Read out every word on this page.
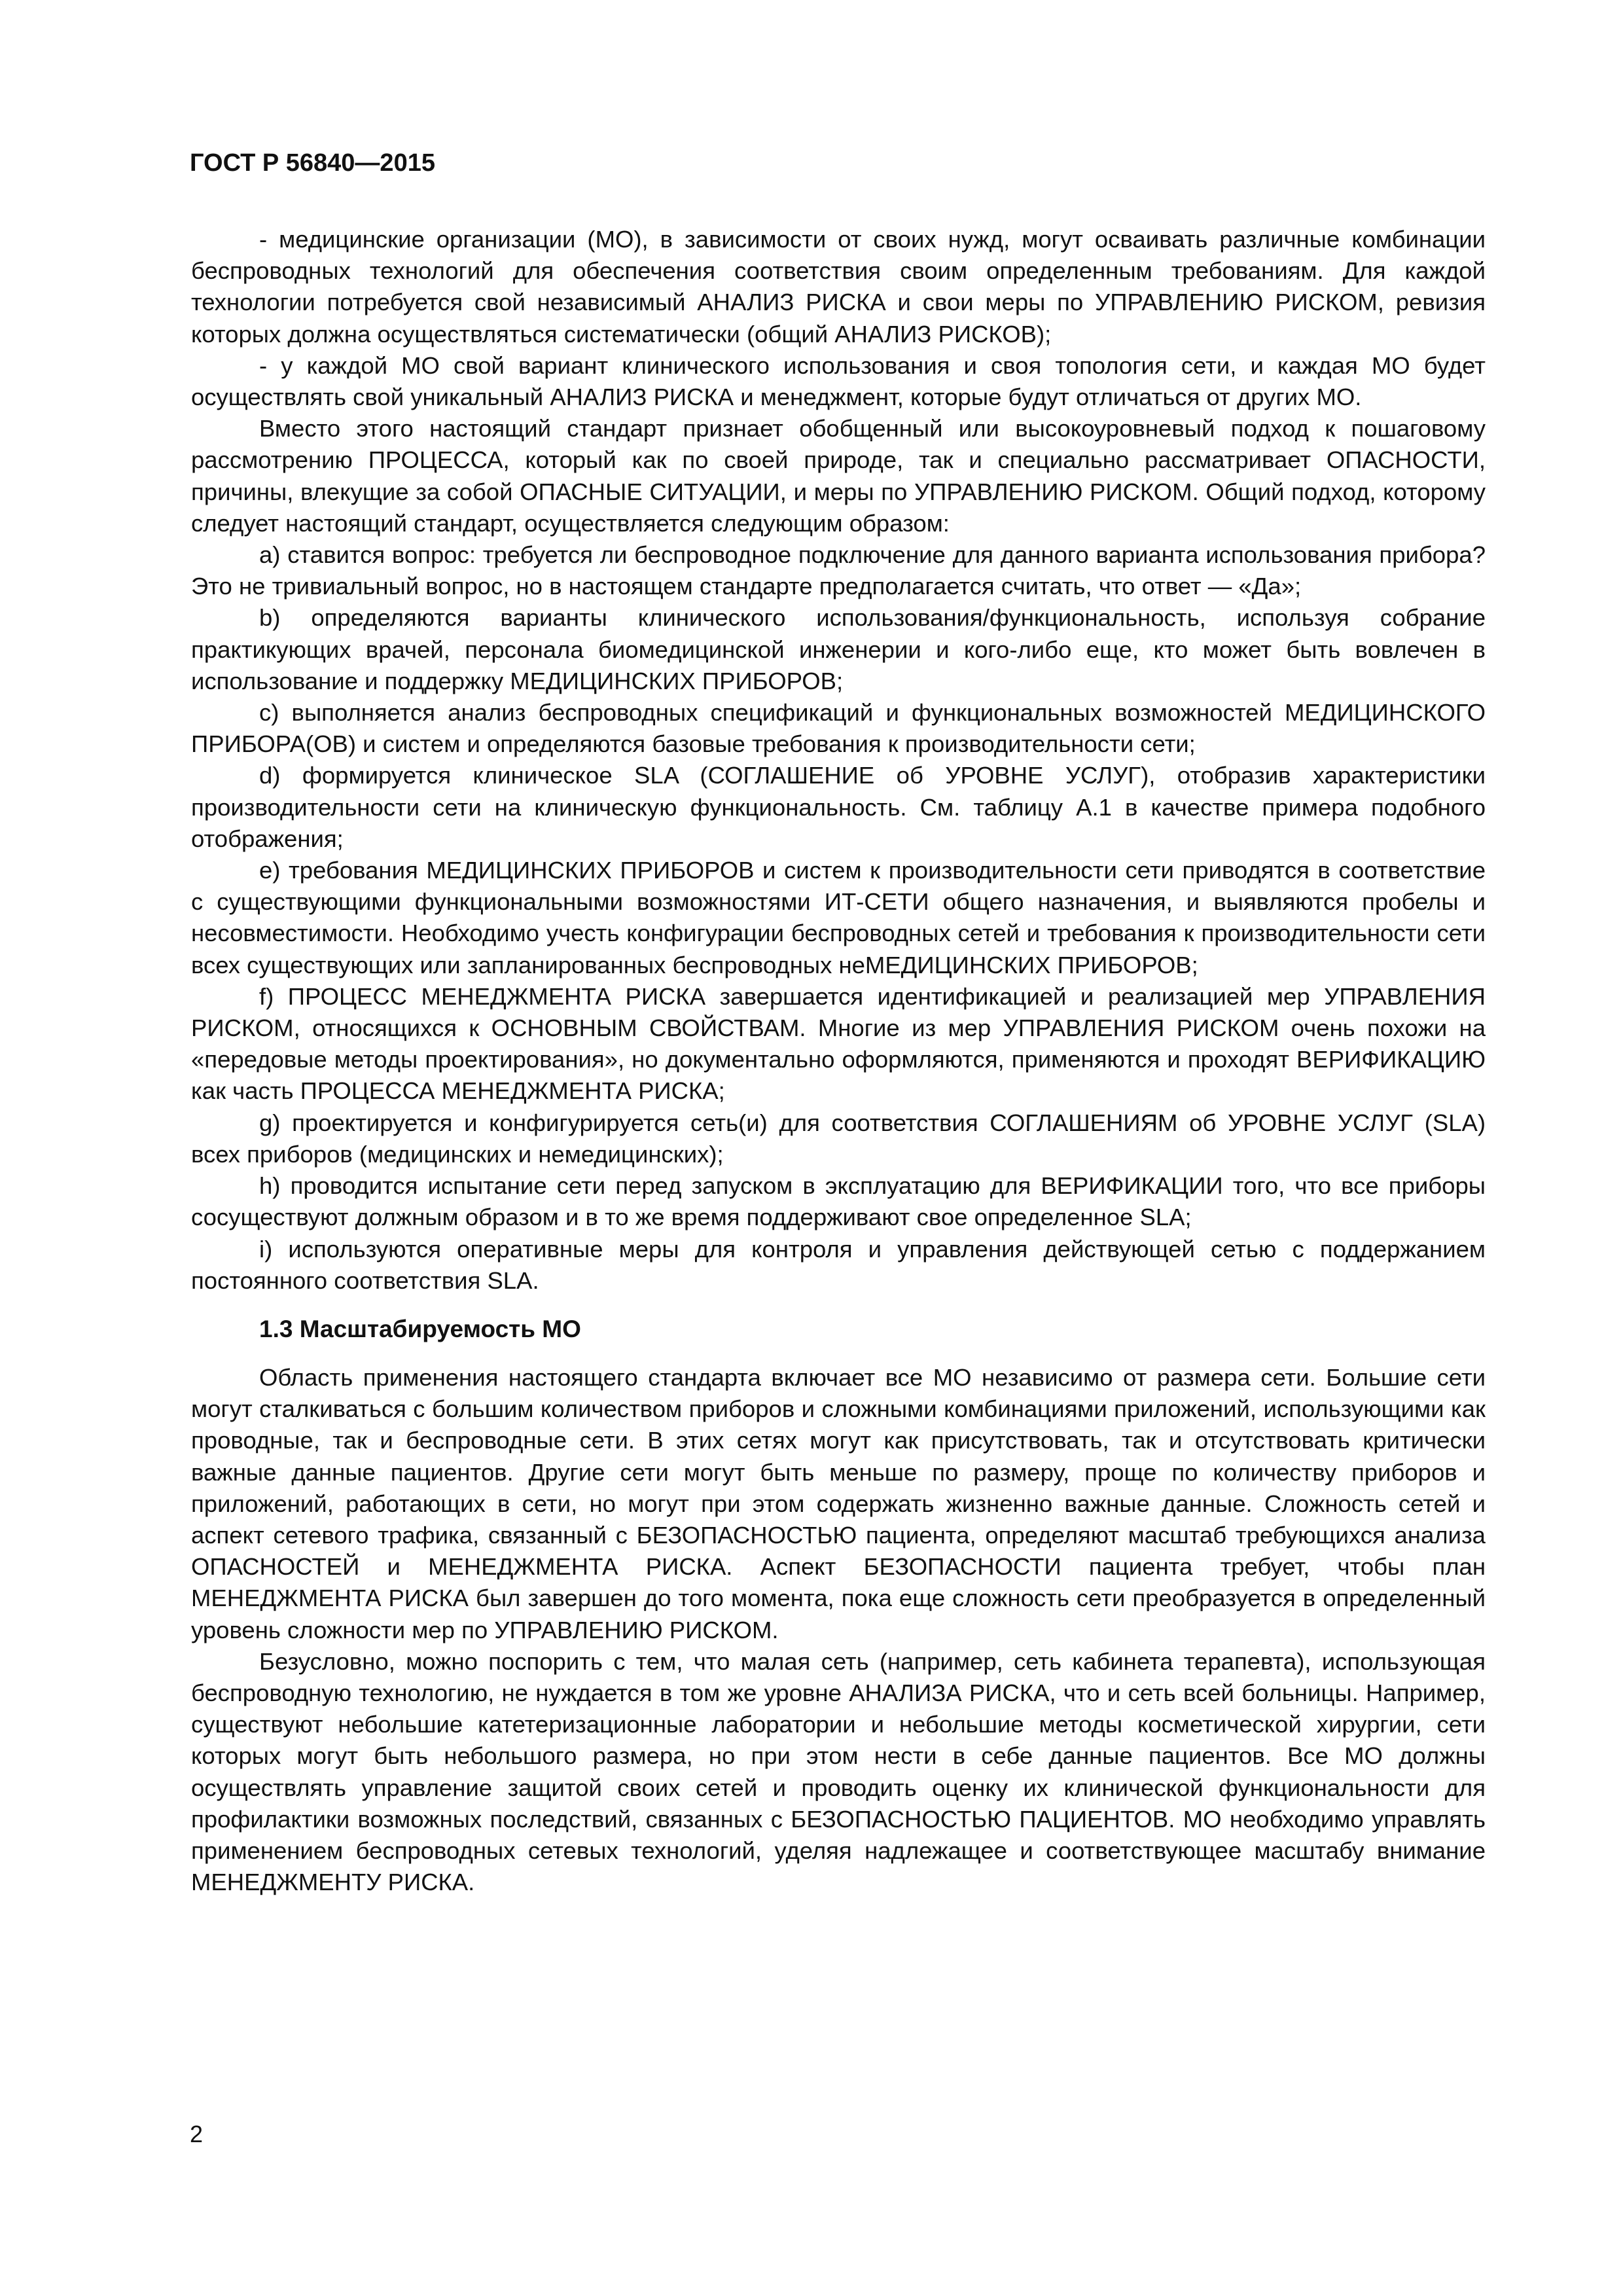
ГОСТ Р 56840—2015

- медицинские организации (МО), в зависимости от своих нужд, могут осваивать различные комбинации беспроводных технологий для обеспечения соответствия своим определенным требованиям. Для каждой технологии потребуется свой независимый АНАЛИЗ РИСКА и свои меры по УПРАВЛЕНИЮ РИСКОМ, ревизия которых должна осуществляться систематически (общий АНАЛИЗ РИСКОВ);

- у каждой МО свой вариант клинического использования и своя топология сети, и каждая МО будет осуществлять свой уникальный АНАЛИЗ РИСКА и менеджмент, которые будут отличаться от других МО.

Вместо этого настоящий стандарт признает обобщенный или высокоуровневый подход к пошаговому рассмотрению ПРОЦЕССА, который как по своей природе, так и специально рассматривает ОПАСНОСТИ, причины, влекущие за собой ОПАСНЫЕ СИТУАЦИИ, и меры по УПРАВЛЕНИЮ РИСКОМ. Общий подход, которому следует настоящий стандарт, осуществляется следующим образом:

а) ставится вопрос: требуется ли беспроводное подключение для данного варианта использования прибора? Это не тривиальный вопрос, но в настоящем стандарте предполагается считать, что ответ — «Да»;

b) определяются варианты клинического использования/функциональность, используя собрание практикующих врачей, персонала биомедицинской инженерии и кого-либо еще, кто может быть вовлечен в использование и поддержку МЕДИЦИНСКИХ ПРИБОРОВ;

c) выполняется анализ беспроводных спецификаций и функциональных возможностей МЕДИЦИНСКОГО ПРИБОРА(ОВ) и систем и определяются базовые требования к производительности сети;

d) формируется клиническое SLA (СОГЛАШЕНИЕ об УРОВНЕ УСЛУГ), отобразив характеристики производительности сети на клиническую функциональность. См. таблицу А.1 в качестве примера подобного отображения;

e) требования МЕДИЦИНСКИХ ПРИБОРОВ и систем к производительности сети приводятся в соответствие с существующими функциональными возможностями ИТ-СЕТИ общего назначения, и выявляются пробелы и несовместимости. Необходимо учесть конфигурации беспроводных сетей и требования к производительности сети всех существующих или запланированных беспроводных неМЕДИЦИНСКИХ ПРИБОРОВ;

f) ПРОЦЕСС МЕНЕДЖМЕНТА РИСКА завершается идентификацией и реализацией мер УПРАВЛЕНИЯ РИСКОМ, относящихся к ОСНОВНЫМ СВОЙСТВАМ. Многие из мер УПРАВЛЕНИЯ РИСКОМ очень похожи на «передовые методы проектирования», но документально оформляются, применяются и проходят ВЕРИФИКАЦИЮ как часть ПРОЦЕССА МЕНЕДЖМЕНТА РИСКА;

g) проектируется и конфигурируется сеть(и) для соответствия СОГЛАШЕНИЯМ об УРОВНЕ УСЛУГ (SLA) всех приборов (медицинских и немедицинских);

h) проводится испытание сети перед запуском в эксплуатацию для ВЕРИФИКАЦИИ того, что все приборы сосуществуют должным образом и в то же время поддерживают свое определенное SLA;

i) используются оперативные меры для контроля и управления действующей сетью с поддержанием постоянного соответствия SLA.

1.3 Масштабируемость МО

Область применения настоящего стандарта включает все МО независимо от размера сети. Большие сети могут сталкиваться с большим количеством приборов и сложными комбинациями приложений, использующими как проводные, так и беспроводные сети. В этих сетях могут как присутствовать, так и отсутствовать критически важные данные пациентов. Другие сети могут быть меньше по размеру, проще по количеству приборов и приложений, работающих в сети, но могут при этом содержать жизненно важные данные. Сложность сетей и аспект сетевого трафика, связанный с БЕЗОПАСНОСТЬЮ пациента, определяют масштаб требующихся анализа ОПАСНОСТЕЙ и МЕНЕДЖМЕНТА РИСКА. Аспект БЕЗОПАСНОСТИ пациента требует, чтобы план МЕНЕДЖМЕНТА РИСКА был завершен до того момента, пока еще сложность сети преобразуется в определенный уровень сложности мер по УПРАВЛЕНИЮ РИСКОМ.

Безусловно, можно поспорить с тем, что малая сеть (например, сеть кабинета терапевта), использующая беспроводную технологию, не нуждается в том же уровне АНАЛИЗА РИСКА, что и сеть всей больницы. Например, существуют небольшие катетеризационные лаборатории и небольшие методы косметической хирургии, сети которых могут быть небольшого размера, но при этом нести в себе данные пациентов. Все МО должны осуществлять управление защитой своих сетей и проводить оценку их клинической функциональности для профилактики возможных последствий, связанных с БЕЗОПАСНОСТЬЮ ПАЦИЕНТОВ. МО необходимо управлять применением беспроводных сетевых технологий, уделяя надлежащее и соответствующее масштабу внимание МЕНЕДЖМЕНТУ РИСКА.

2
